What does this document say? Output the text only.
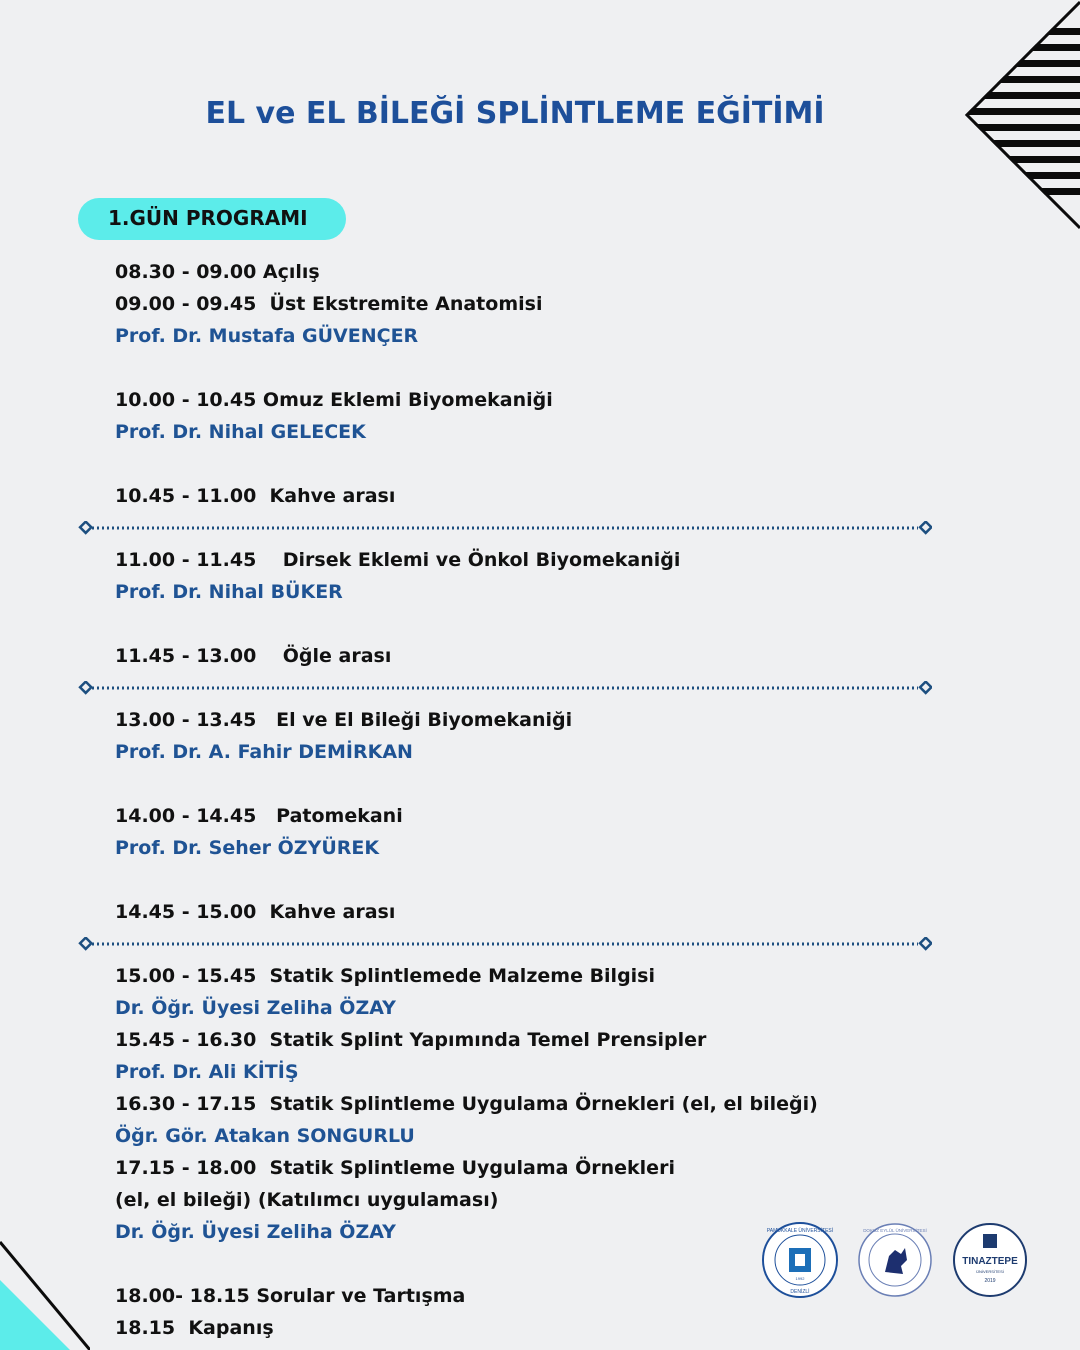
EL ve EL BİLEĞİ SPLİNTLEME EĞİTİMİ
1.GÜN PROGRAMI
08.30 - 09.00 Açılış
09.00 - 09.45  Üst Ekstremite Anatomisi
Prof. Dr. Mustafa GÜVENÇER
10.00 - 10.45 Omuz Eklemi Biyomekaniği
Prof. Dr. Nihal GELECEK
10.45 - 11.00  Kahve arası
11.00 - 11.45    Dirsek Eklemi ve Önkol Biyomekaniği
Prof. Dr. Nihal BÜKER
11.45 - 13.00    Öğle arası
13.00 - 13.45   El ve El Bileği Biyomekaniği
Prof. Dr. A. Fahir DEMİRKAN
14.00 - 14.45   Patomekani
Prof. Dr. Seher ÖZYÜREK
14.45 - 15.00  Kahve arası
15.00 - 15.45  Statik Splintlemede Malzeme Bilgisi
Dr. Öğr. Üyesi Zeliha ÖZAY
15.45 - 16.30  Statik Splint Yapımında Temel Prensipler
Prof. Dr. Ali KİTİŞ
16.30 - 17.15  Statik Splintleme Uygulama Örnekleri (el, el bileği)
Öğr. Gör. Atakan SONGURLU
17.15 - 18.00  Statik Splintleme Uygulama Örnekleri
(el, el bileği) (Katılımcı uygulaması)
Dr. Öğr. Üyesi Zeliha ÖZAY
18.00- 18.15 Sorular ve Tartışma
18.15  Kapanış
PAMUKKALE ÜNİVERSİTESİ
1992
DENİZLİ
DOKUZ EYLÜL ÜNİVERSİTESİ
TINAZTEPE
ÜNİVERSİTESİ
2019
